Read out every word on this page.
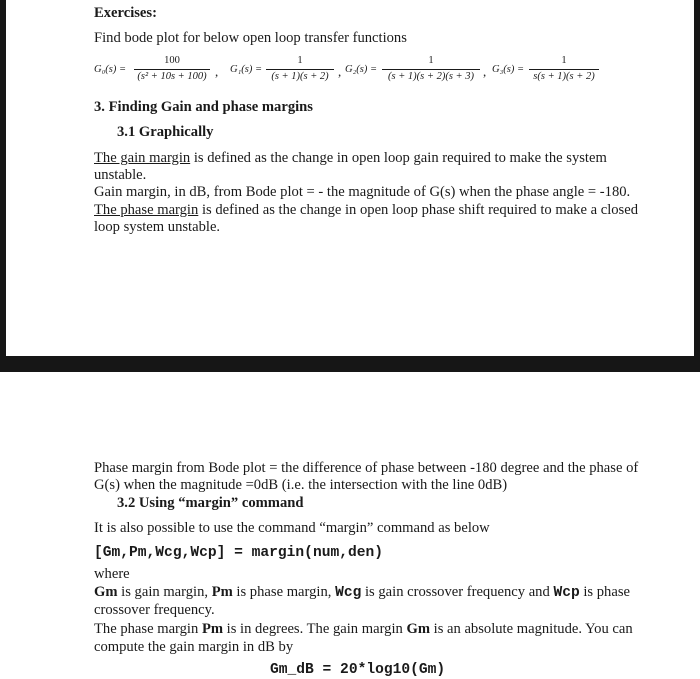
Exercises:
Find bode plot for below open loop transfer functions
G₀(s) =
100
(s² + 10s + 100) , G₁(s) =
1
(s + 1)(s + 2) , G₂(s) =
1
(s + 1)(s + 2)(s + 3) , G₃(s) =
1
s(s + 1)(s + 2)
3. Finding Gain and phase margins
3.1 Graphically
The gain margin is defined as the change in open loop gain required to make the system
unstable.
Gain margin, in dB, from Bode plot = - the magnitude of G(s) when the phase angle = -180.
The phase margin is defined as the change in open loop phase shift required to make a closed
loop system unstable.
Phase margin from Bode plot = the difference of phase between -180 degree and the phase of
G(s) when the magnitude =0dB (i.e. the intersection with the line 0dB)
3.2 Using “margin” command
It is also possible to use the command “margin” command as below
[Gm,Pm,Wcg,Wcp] = margin(num,den)
where
Gm is gain margin, Pm is phase margin, Wcg is gain crossover frequency and Wcp is phase
crossover frequency.
The phase margin Pm is in degrees. The gain margin Gm is an absolute magnitude. You can
compute the gain margin in dB by
Gm_dB = 20*log10(Gm)
